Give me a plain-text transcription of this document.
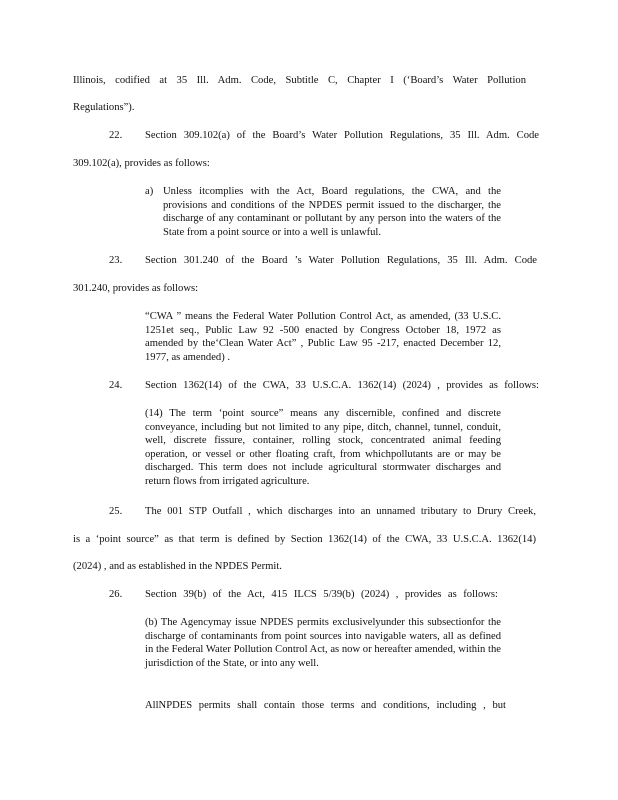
Illinois, codified at 35 Ill. Adm. Code, Subtitle C, Chapter I (‘Board’s Water Pollution
Regulations”).
22. Section 309.102(a) of the Board’s Water Pollution Regulations, 35 Ill. Adm. Code
309.102(a), provides as follows:
a) Unless itcomplies with the Act, Board regulations, the CWA, and the provisions and conditions of the NPDES permit issued to the discharger, the discharge of any contaminant or pollutant by any person into the waters of the State from a point source or into a well is unlawful.
23. Section 301.240 of the Board ’s Water Pollution Regulations, 35 Ill. Adm. Code
301.240, provides as follows:

“CWA ” means the Federal Water Pollution Control Act, as amended, (33 U.S.C. 1251et seq., Public Law 92 -500 enacted by Congress October 18, 1972 as amended by the‘Clean Water Act” , Public Law 95 -217, enacted December 12, 1977, as amended) .

24. Section 1362(14) of the CWA, 33 U.S.C.A. 1362(14) (2024) , provides as follows:

(14) The term ‘point source” means any discernible, confined and discrete conveyance, including but not limited to any pipe, ditch, channel, tunnel, conduit, well, discrete fissure, container, rolling stock, concentrated animal feeding operation, or vessel or other floating craft, from whichpollutants are or may be discharged. This term does not include agricultural stormwater discharges and return flows from irrigated agriculture.

25. The 001 STP Outfall , which discharges into an unnamed tributary to Drury Creek,
is a ‘point source” as that term is defined by Section 1362(14) of the CWA, 33 U.S.C.A. 1362(14)
(2024) , and as established in the NPDES Permit.
26. Section 39(b) of the Act, 415 ILCS 5/39(b) (2024) , provides as follows:

(b) The Agencymay issue NPDES permits exclusivelyunder this subsectionfor the discharge of contaminants from point sources into navigable waters, all as defined in the Federal Water Pollution Control Act, as now or hereafter amended, within the jurisdiction of the State, or into any well.

AllNPDES permits shall contain those terms and conditions, including , but
